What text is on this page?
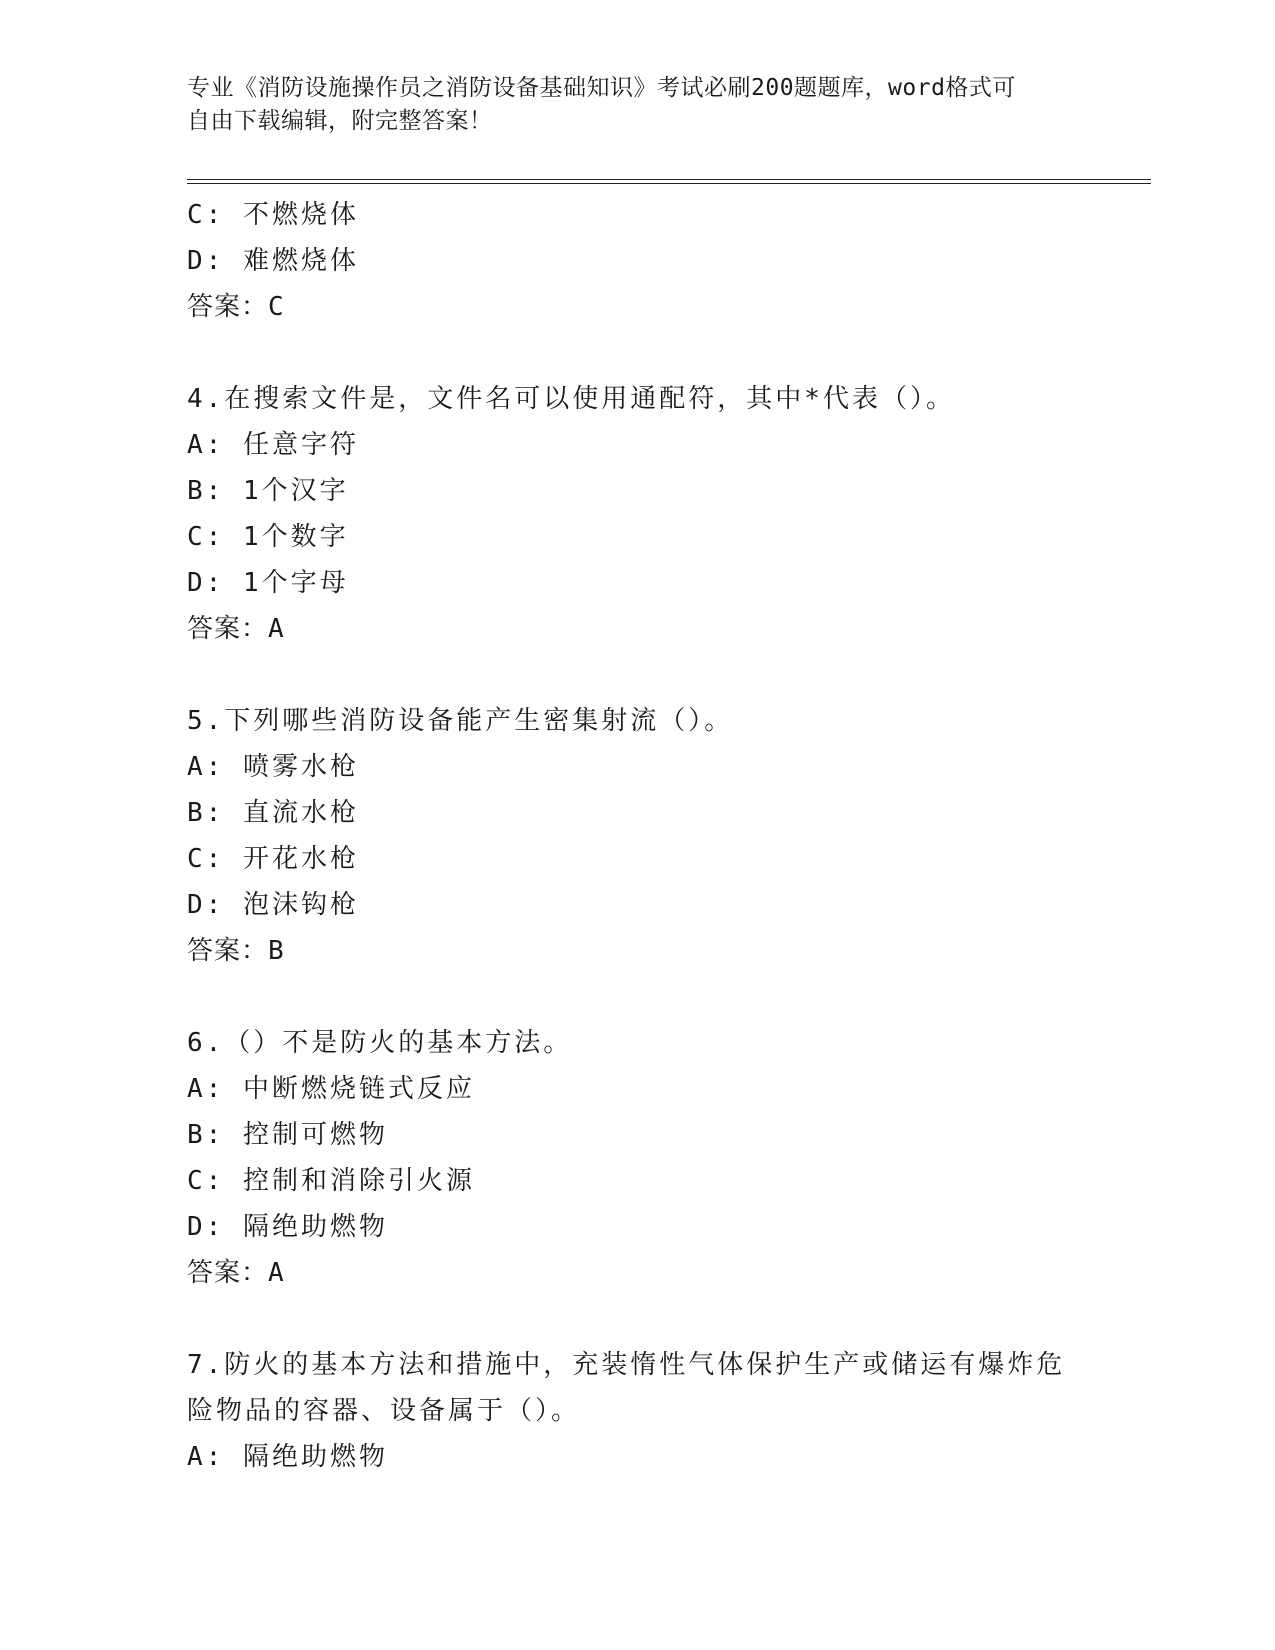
专业《消防设施操作员之消防设备基础知识》考试必刷200题题库，word格式可
自由下载编辑，附完整答案！
C: 不燃烧体
D: 难燃烧体
答案：C
4.在搜索文件是，文件名可以使用通配符，其中*代表（）。
A: 任意字符
B: 1个汉字
C: 1个数字
D: 1个字母
答案：A
5.下列哪些消防设备能产生密集射流（）。
A: 喷雾水枪
B: 直流水枪
C: 开花水枪
D: 泡沫钩枪
答案：B
6.（）不是防火的基本方法。
A: 中断燃烧链式反应
B: 控制可燃物
C: 控制和消除引火源
D: 隔绝助燃物
答案：A
7.防火的基本方法和措施中，充装惰性气体保护生产或储运有爆炸危
险物品的容器、设备属于（）。
A: 隔绝助燃物
